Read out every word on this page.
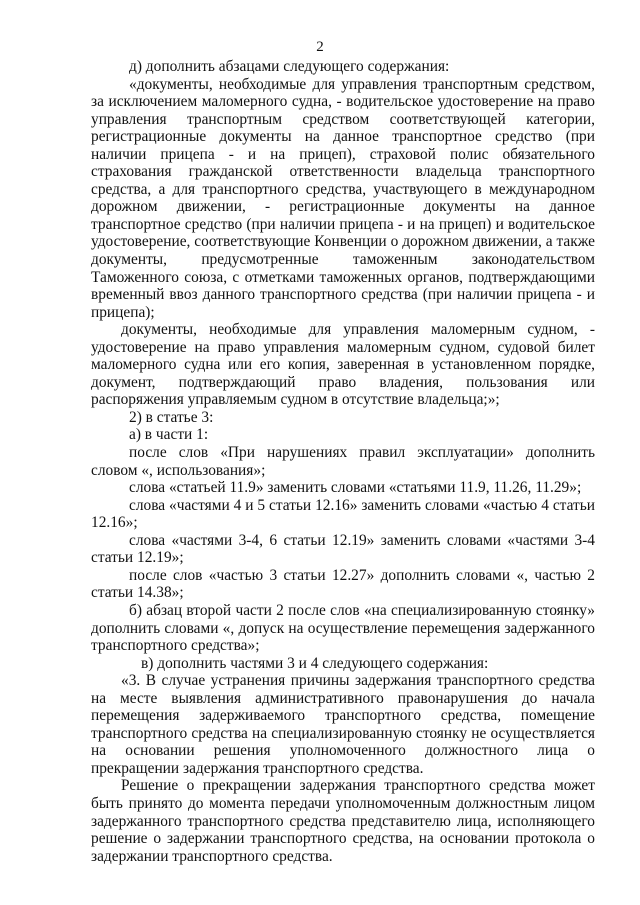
2

д) дополнить абзацами следующего содержания:

«документы, необходимые для управления транспортным средством, за исключением маломерного судна, - водительское удостоверение на право управления транспортным средством соответствующей категории, регистрационные документы на данное транспортное средство (при наличии прицепа - и на прицеп), страховой полис обязательного страхования гражданской ответственности владельца транспортного средства, а для транспортного средства, участвующего в международном дорожном движении, - регистрационные документы на данное транспортное средство (при наличии прицепа - и на прицеп) и водительское удостоверение, соответствующие Конвенции о дорожном движении, а также документы, предусмотренные таможенным законодательством Таможенного союза, с отметками таможенных органов, подтверждающими временный ввоз данного транспортного средства (при наличии прицепа - и прицепа);

документы, необходимые для управления маломерным судном, - удостоверение на право управления маломерным судном, судовой билет маломерного судна или его копия, заверенная в установленном порядке, документ, подтверждающий право владения, пользования или распоряжения управляемым судном в отсутствие владельца;»;

2) в статье 3:

а) в части 1:

после слов «При нарушениях правил эксплуатации» дополнить словом «, использования»;

слова «статьей 11.9» заменить словами «статьями 11.9, 11.26, 11.29»;

слова «частями 4 и 5 статьи 12.16» заменить словами «частью 4 статьи 12.16»;

слова «частями 3-4, 6 статьи 12.19» заменить словами «частями 3-4 статьи 12.19»;

после слов «частью 3 статьи 12.27» дополнить словами «, частью 2 статьи 14.38»;

б) абзац второй части 2 после слов «на специализированную стоянку» дополнить словами «, допуск на осуществление перемещения задержанного транспортного средства»;

в) дополнить частями 3 и 4 следующего содержания:

«3. В случае устранения причины задержания транспортного средства на месте выявления административного правонарушения до начала перемещения задерживаемого транспортного средства, помещение транспортного средства на специализированную стоянку не осуществляется на основании решения уполномоченного должностного лица о прекращении задержания транспортного средства.

Решение о прекращении задержания транспортного средства может быть принято до момента передачи уполномоченным должностным лицом задержанного транспортного средства представителю лица, исполняющего решение о задержании транспортного средства, на основании протокола о задержании транспортного средства.
